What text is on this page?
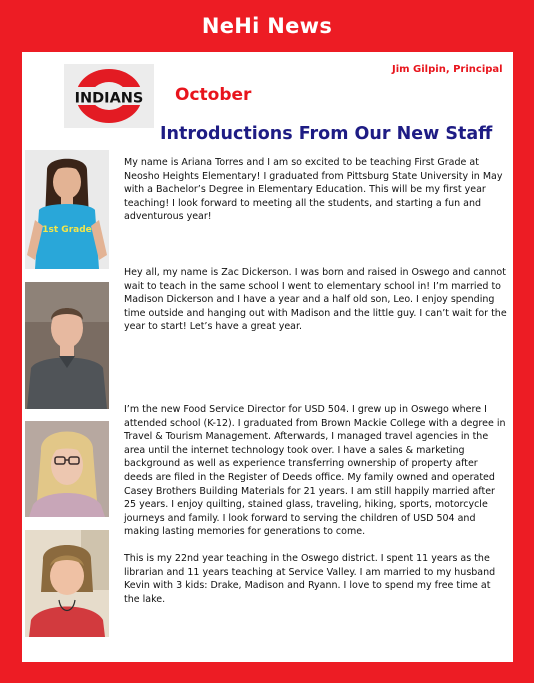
NeHi News
Jim Gilpin, Principal
INDIANS October
Introductions From Our New Staff
1st Grade

My name is Ariana Torres and I am so excited to be teaching First Grade at Neosho Heights Elementary! I graduated from Pittsburg State University in May with a Bachelor’s Degree in Elementary Education. This will be my first year teaching! I look forward to meeting all the students, and starting a fun and adventurous year!

Hey all, my name is Zac Dickerson. I was born and raised in Oswego and cannot wait to teach in the same school I went to elementary school in! I’m married to Madison Dickerson and I have a year and a half old son, Leo. I enjoy spending time outside and hanging out with Madison and the little guy. I can’t wait for the year to start! Let’s have a great year.

I’m the new Food Service Director for USD 504. I grew up in Oswego where I attended school (K-12). I graduated from Brown Mackie College with a degree in Travel & Tourism Management. Afterwards, I managed travel agencies in the area until the internet technology took over. I have a sales & marketing background as well as experience transferring ownership of property after deeds are filed in the Register of Deeds office. My family owned and operated Casey Brothers Building Materials for 21 years. I am still happily married after 25 years. I enjoy quilting, stained glass, traveling, hiking, sports, motorcycle journeys and family. I look forward to serving the children of USD 504 and making lasting memories for generations to come.

This is my 22nd year teaching in the Oswego district. I spent 11 years as the librarian and 11 years teaching at Service Valley. I am married to my husband Kevin with 3 kids: Drake, Madison and Ryann. I love to spend my free time at the lake.
